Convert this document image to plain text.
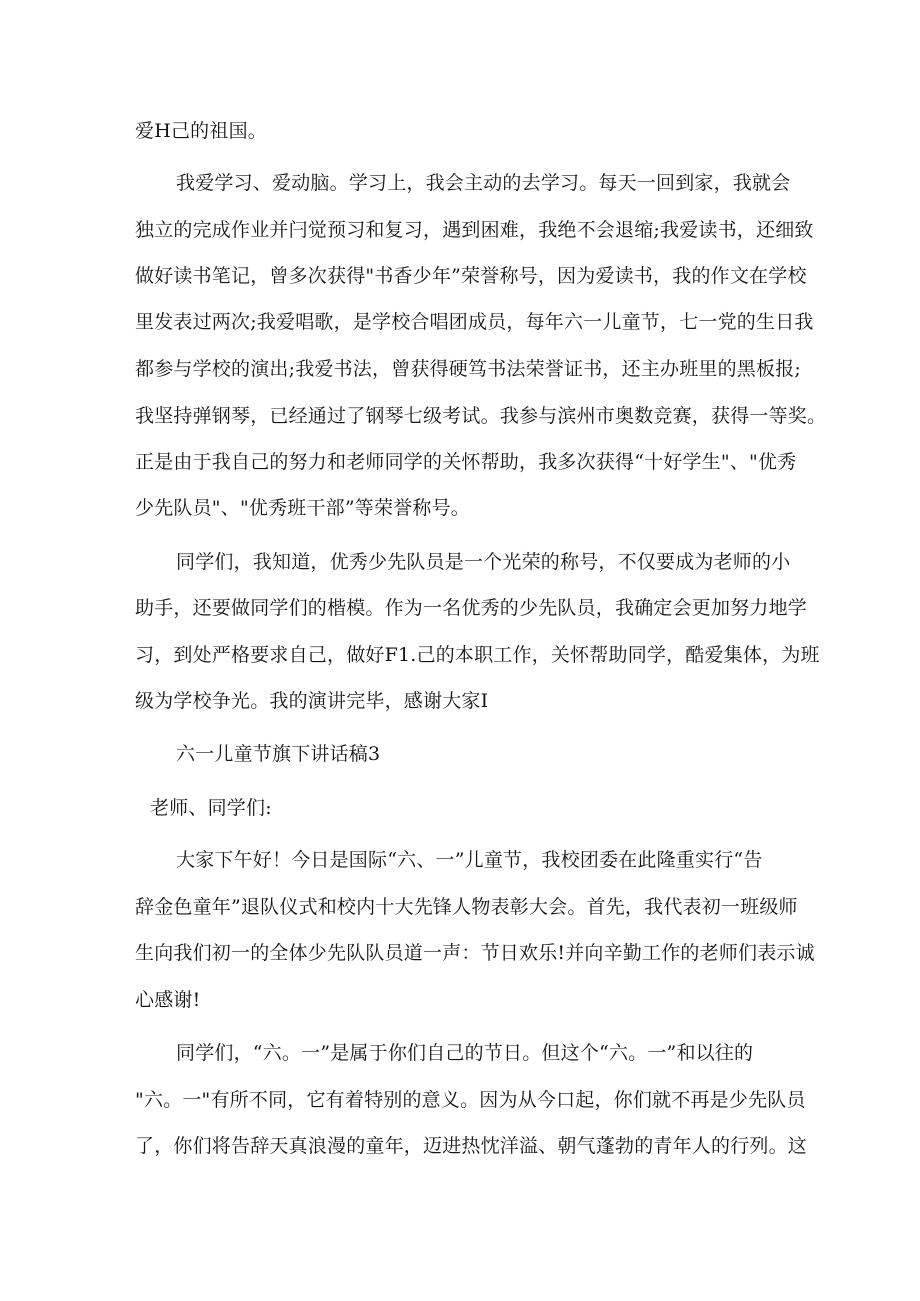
爱H己的祖国。
我爱学习、爱动脑。学习上，我会主动的去学习。每天一回到家，我就会
独立的完成作业并闩觉预习和复习，遇到困难，我绝不会退缩;我爱读书，还细致
做好读书笔记，曾多次获得"书香少年”荣誉称号，因为爱读书，我的作文在学校
里发表过两次;我爱唱歌，是学校合唱团成员，每年六一儿童节，七一党的生日我
都参与学校的演出;我爱书法，曾获得硬笃书法荣誉证书，还主办班里的黑板报;
我坚持弹钢琴，已经通过了钢琴七级考试。我参与滨州市奥数竞赛，获得一等奖。
正是由于我自己的努力和老师同学的关怀帮助，我多次获得“十好学生"、"优秀
少先队员"、"优秀班干部”等荣誉称号。
同学们，我知道，优秀少先队员是一个光荣的称号，不仅要成为老师的小
助手，还要做同学们的楷模。作为一名优秀的少先队员，我确定会更加努力地学
习，到处严格要求自己，做好F1.己的本职工作，关怀帮助同学，酷爱集体，为班
级为学校争光。我的演讲完毕，感谢大家I
六一儿童节旗下讲话稿3
老师、同学们:
大家下午好！今日是国际“六、一”儿童节，我校团委在此隆重实行“告
辞金色童年”退队仪式和校内十大先锋人物表彰大会。首先，我代表初一班级师
生向我们初一的全体少先队队员道一声：节日欢乐!并向辛勤工作的老师们表示诚
心感谢!
同学们，“六。一”是属于你们自己的节日。但这个“六。一”和以往的
"六。一"有所不同，它有着特别的意义。因为从今口起，你们就不再是少先队员
了，你们将告辞天真浪漫的童年，迈进热忱洋溢、朝气蓬勃的青年人的行列。这
